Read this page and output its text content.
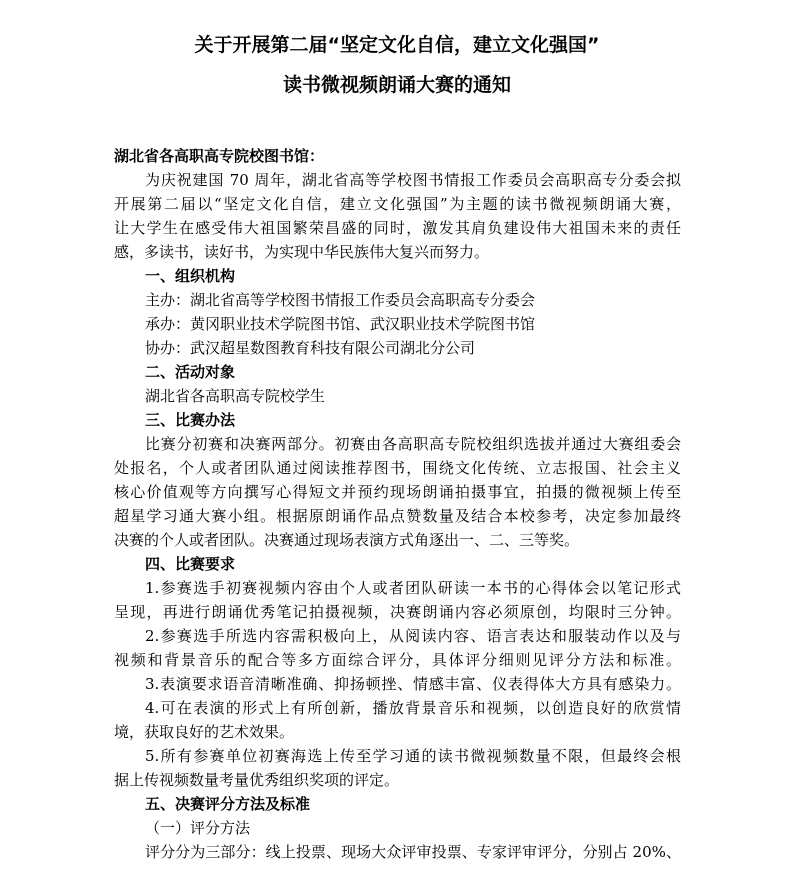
关于开展第二届“坚定文化自信，建立文化强国”
读书微视频朗诵大赛的通知
湖北省各高职高专院校图书馆：
为庆祝建国 70 周年，湖北省高等学校图书情报工作委员会高职高专分委会拟
开展第二届以“坚定文化自信，建立文化强国”为主题的读书微视频朗诵大赛，
让大学生在感受伟大祖国繁荣昌盛的同时，激发其肩负建设伟大祖国未来的责任
感，多读书，读好书，为实现中华民族伟大复兴而努力。
一、组织机构
主办：湖北省高等学校图书情报工作委员会高职高专分委会
承办：黄冈职业技术学院图书馆、武汉职业技术学院图书馆
协办：武汉超星数图教育科技有限公司湖北分公司
二、活动对象
湖北省各高职高专院校学生
三、比赛办法
比赛分初赛和决赛两部分。初赛由各高职高专院校组织选拔并通过大赛组委会
处报名，个人或者团队通过阅读推荐图书，围绕文化传统、立志报国、社会主义
核心价值观等方向撰写心得短文并预约现场朗诵拍摄事宜，拍摄的微视频上传至
超星学习通大赛小组。根据原朗诵作品点赞数量及结合本校参考，决定参加最终
决赛的个人或者团队。决赛通过现场表演方式角逐出一、二、三等奖。
四、比赛要求
1.参赛选手初赛视频内容由个人或者团队研读一本书的心得体会以笔记形式
呈现，再进行朗诵优秀笔记拍摄视频，决赛朗诵内容必须原创，均限时三分钟。
2.参赛选手所选内容需积极向上，从阅读内容、语言表达和服装动作以及与
视频和背景音乐的配合等多方面综合评分，具体评分细则见评分方法和标准。
3.表演要求语音清晰准确、抑扬顿挫、情感丰富、仪表得体大方具有感染力。
4.可在表演的形式上有所创新，播放背景音乐和视频，以创造良好的欣赏情
境，获取良好的艺术效果。
5.所有参赛单位初赛海选上传至学习通的读书微视频数量不限，但最终会根
据上传视频数量考量优秀组织奖项的评定。
五、决赛评分方法及标准
（一）评分方法
评分分为三部分：线上投票、现场大众评审投票、专家评审评分，分别占 20%、
